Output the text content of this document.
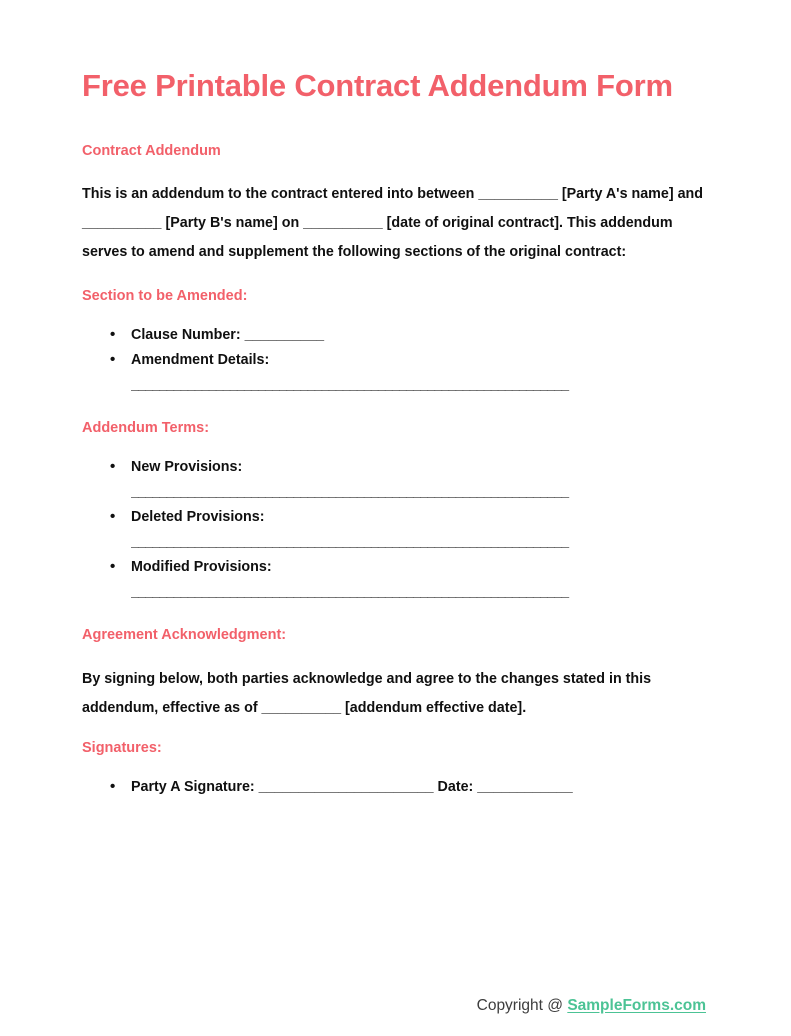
Free Printable Contract Addendum Form
Contract Addendum

This is an addendum to the contract entered into between __________ [Party A's name] and __________ [Party B's name] on __________ [date of original contract]. This addendum serves to amend and supplement the following sections of the original contract:

Section to be Amended:
• Clause Number: __________
• Amendment Details:
______________________________________________________________
Addendum Terms:
• New Provisions:
______________________________________________________________
• Deleted Provisions:
______________________________________________________________
• Modified Provisions:
______________________________________________________________
Agreement Acknowledgment:

By signing below, both parties acknowledge and agree to the changes stated in this addendum, effective as of __________ [addendum effective date].

Signatures:
• Party A Signature: ______________________ Date: ____________
Copyright @ SampleForms.com
